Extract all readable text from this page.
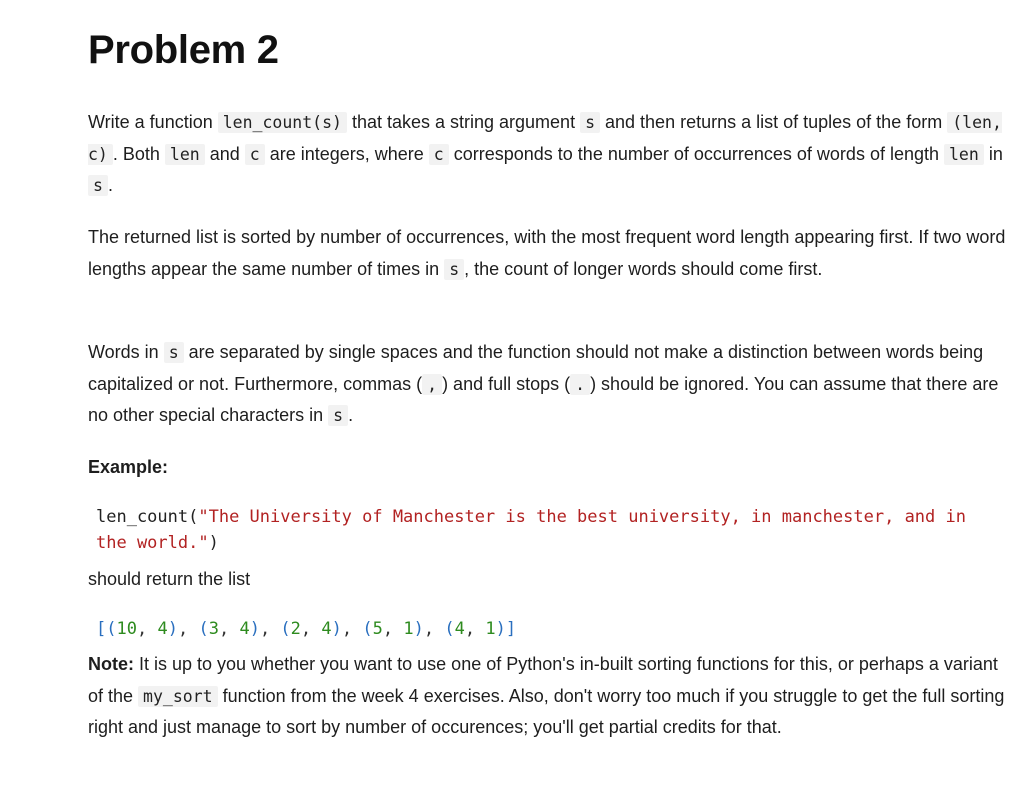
Problem 2

Write a function len_count(s) that takes a string argument s and then returns a list of tuples of the form (len, c) . Both len and c are integers, where c corresponds to the number of occurrences of words of length len in s .

The returned list is sorted by number of occurrences, with the most frequent word length appearing first. If two word lengths appear the same number of times in s , the count of longer words should come first.

Words in s are separated by single spaces and the function should not make a distinction between words being capitalized or not. Furthermore, commas ( , ) and full stops ( . ) should be ignored. You can assume that there are no other special characters in s .

Example:

len_count("The University of Manchester is the best university, in manchester, and in the world.")

should return the list

[(10, 4), (3, 4), (2, 4), (5, 1), (4, 1)]

Note: It is up to you whether you want to use one of Python's in-built sorting functions for this, or perhaps a variant of the my_sort function from the week 4 exercises. Also, don't worry too much if you struggle to get the full sorting right and just manage to sort by number of occurences; you'll get partial credits for that.
